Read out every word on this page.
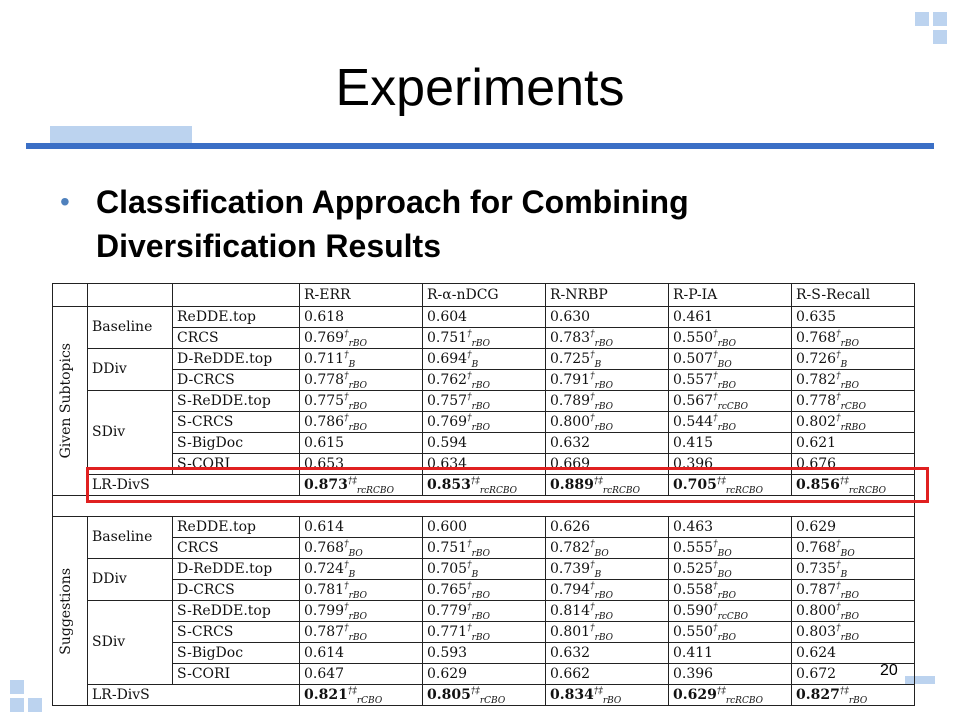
Experiments
• Classification Approach for Combining Diversification Results
			R-ERR	R-α-nDCG	R-NRBP	R-P-IA	R-S-Recall

Given Subtopics	Baseline	ReDDE.top	0.618	0.604	0.630	0.461	0.635
		CRCS	$0.769^\dagger_{rBO}$	$0.751^\dagger_{rBO}$	$0.783^\dagger_{rBO}$	$0.550^\dagger_{rBO}$	$0.768^\dagger_{rBO}$
	DDiv	D-ReDDE.top	$0.711^\dagger_B$	$0.694^\dagger_B$	$0.725^\dagger_B$	$0.507^\dagger_{BO}$	$0.726^\dagger_B$
		D-CRCS	$0.778^\dagger_{rBO}$	$0.762^\dagger_{rBO}$	$0.791^\dagger_{rBO}$	$0.557^\dagger_{rBO}$	$0.782^\dagger_{rBO}$
	SDiv	S-ReDDE.top	$0.775^\dagger_{rBO}$	$0.757^\dagger_{rBO}$	$0.789^\dagger_{rBO}$	$0.567^\dagger_{rcCBO}$	$0.778^\dagger_{rCBO}$
		S-CRCS	$0.786^\dagger_{rBO}$	$0.769^\dagger_{rBO}$	$0.800^\dagger_{rBO}$	$0.544^\dagger_{rBO}$	$0.802^\dagger_{rRBO}$
		S-BigDoc	0.615	0.594	0.632	0.415	0.621
		S-CORI	0.653	0.634	0.669	0.396	0.676
	LR-DivS		$0.873^{\dagger\ddagger}_{rcRCBO}$	$0.853^{\dagger\ddagger}_{rcRCBO}$	$0.889^{\dagger\ddagger}_{rcRCBO}$	$0.705^{\dagger\ddagger}_{rcRCBO}$	$0.856^{\dagger\ddagger}_{rcRCBO}$

Suggestions	Baseline	ReDDE.top	0.614	0.600	0.626	0.463	0.629
		CRCS	$0.768^\dagger_{BO}$	$0.751^\dagger_{rBO}$	$0.782^\dagger_{BO}$	$0.555^\dagger_{BO}$	$0.768^\dagger_{BO}$
	DDiv	D-ReDDE.top	$0.724^\dagger_B$	$0.705^\dagger_B$	$0.739^\dagger_B$	$0.525^\dagger_{BO}$	$0.735^\dagger_B$
		D-CRCS	$0.781^\dagger_{rBO}$	$0.765^\dagger_{rBO}$	$0.794^\dagger_{rBO}$	$0.558^\dagger_{rBO}$	$0.787^\dagger_{rBO}$
	SDiv	S-ReDDE.top	$0.799^\dagger_{rBO}$	$0.779^\dagger_{rBO}$	$0.814^\dagger_{rBO}$	$0.590^\dagger_{rcCBO}$	$0.800^\dagger_{rBO}$
		S-CRCS	$0.787^\dagger_{rBO}$	$0.771^\dagger_{rBO}$	$0.801^\dagger_{rBO}$	$0.550^\dagger_{rBO}$	$0.803^\dagger_{rBO}$
		S-BigDoc	0.614	0.593	0.632	0.411	0.624
		S-CORI	0.647	0.629	0.662	0.396	0.672
	LR-DivS		$0.821^{\dagger\ddagger}_{rCBO}$	$0.805^{\dagger\ddagger}_{rCBO}$	$0.834^{\dagger\ddagger}_{rBO}$	$0.629^{\dagger\ddagger}_{rcRCBO}$	$0.827^{\dagger\ddagger}_{rBO}$
20
